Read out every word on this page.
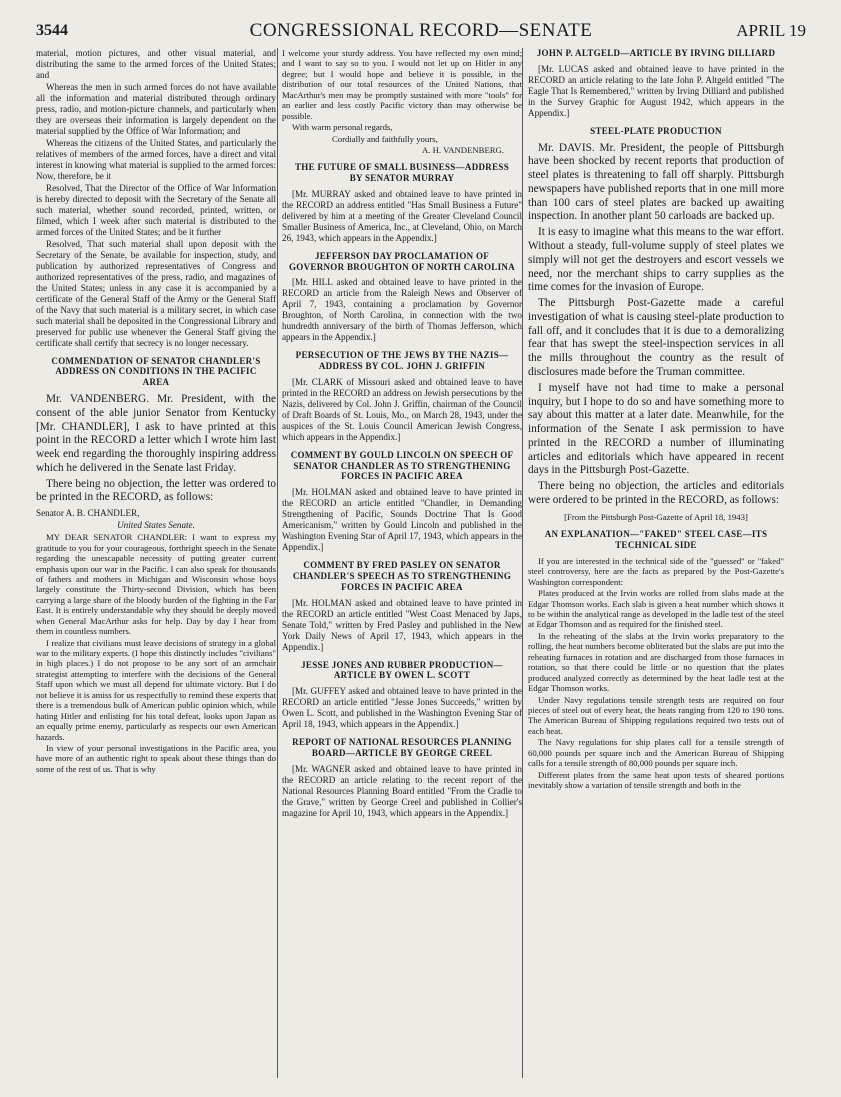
3544	CONGRESSIONAL RECORD—SENATE	APRIL 19

material, motion pictures, and other visual material, and distributing the same to the armed forces of the United States; and

Whereas the men in such armed forces do not have available all the information and material distributed through ordinary press, radio, and motion-picture channels, and particularly when they are overseas their information is largely dependent on the material supplied by the Office of War Information; and

Whereas the citizens of the United States, and particularly the relatives of members of the armed forces, have a direct and vital interest in knowing what material is supplied to the armed forces: Now, therefore, be it

Resolved, That the Director of the Office of War Information is hereby directed to deposit with the Secretary of the Senate all such material, whether sound recorded, printed, written, or filmed, which I week after such material is distributed to the armed forces of the United States; and be it further

Resolved, That such material shall upon deposit with the Secretary of the Senate, be available for inspection, study, and publication by authorized representatives of Congress and authorized representatives of the press, radio, and magazines of the United States; unless in any case it is accompanied by a certificate of the General Staff of the Army or the General Staff of the Navy that such material is a military secret, in which case such material shall be deposited in the Congressional Library and preserved for public use whenever the General Staff giving the certificate shall certify that secrecy is no longer necessary.

COMMENDATION OF SENATOR CHANDLER'S ADDRESS ON CONDITIONS IN THE PACIFIC AREA

Mr. VANDENBERG. Mr. President, with the consent of the able junior Senator from Kentucky [Mr. CHANDLER], I ask to have printed at this point in the RECORD a letter which I wrote him last week end regarding the thoroughly inspiring address which he delivered in the Senate last Friday.

There being no objection, the letter was ordered to be printed in the RECORD, as follows:

Senator A. B. CHANDLER,

United States Senate.

MY DEAR SENATOR CHANDLER: I want to express my gratitude to you for your courageous, forthright speech in the Senate regarding the unescapable necessity of putting greater current emphasis upon our war in the Pacific. I can also speak for thousands of fathers and mothers in Michigan and Wisconsin whose boys largely constitute the Thirty-second Division, which has been carrying a large share of the bloody burden of the fighting in the Far East. It is entirely understandable why they should be deeply moved when General MacArthur asks for help. Day by day I hear from them in countless numbers.

I realize that civilians must leave decisions of strategy in a global war to the military experts. (I hope this distinctly includes "civilians" in high places.) I do not propose to be any sort of an armchair strategist attempting to interfere with the decisions of the General Staff upon which we must all depend for ultimate victory. But I do not believe it is amiss for us respectfully to remind these experts that there is a tremendous bulk of American public opinion which, while hating Hitler and enlisting for his total defeat, looks upon Japan as an equally prime enemy, particularly as respects our own American hazards.

In view of your personal investigations in the Pacific area, you have more of an authentic right to speak about these things than do some of the rest of us. That is why

I welcome your sturdy address. You have reflected my own mind; and I want to say so to you. I would not let up on Hitler in any degree; but I would hope and believe it is possible, in the distribution of our total resources of the United Nations, that MacArthur's men may be promptly sustained with more "tools" for an earlier and less costly Pacific victory than may otherwise be possible.

With warm personal regards,

Cordially and faithfully yours,

A. H. VANDENBERG.

THE FUTURE OF SMALL BUSINESS—ADDRESS BY SENATOR MURRAY

[Mr. MURRAY asked and obtained leave to have printed in the RECORD an address entitled "Has Small Business a Future" delivered by him at a meeting of the Greater Cleveland Council Smaller Business of America, Inc., at Cleveland, Ohio, on March 26, 1943, which appears in the Appendix.]

JEFFERSON DAY PROCLAMATION OF GOVERNOR BROUGHTON OF NORTH CAROLINA

[Mr. HILL asked and obtained leave to have printed in the RECORD an article from the Raleigh News and Observer of April 7, 1943, containing a proclamation by Governor Broughton, of North Carolina, in connection with the two hundredth anniversary of the birth of Thomas Jefferson, which appears in the Appendix.]

PERSECUTION OF THE JEWS BY THE NAZIS—ADDRESS BY COL. JOHN J. GRIFFIN

[Mr. CLARK of Missouri asked and obtained leave to have printed in the RECORD an address on Jewish persecutions by the Nazis, delivered by Col. John J. Griffin, chairman of the Council of Draft Boards of St. Louis, Mo., on March 28, 1943, under the auspices of the St. Louis Council American Jewish Congress, which appears in the Appendix.]

COMMENT BY GOULD LINCOLN ON SPEECH OF SENATOR CHANDLER AS TO STRENGTHENING FORCES IN PACIFIC AREA

[Mr. HOLMAN asked and obtained leave to have printed in the RECORD an article entitled "Chandler, in Demanding Strengthening of Pacific, Sounds Doctrine That Is Good Americanism," written by Gould Lincoln and published in the Washington Evening Star of April 17, 1943, which appears in the Appendix.]

COMMENT BY FRED PASLEY ON SENATOR CHANDLER'S SPEECH AS TO STRENGTHENING FORCES IN PACIFIC AREA

[Mr. HOLMAN asked and obtained leave to have printed in the RECORD an article entitled "West Coast Menaced by Japs, Senate Told," written by Fred Pasley and published in the New York Daily News of April 17, 1943, which appears in the Appendix.]

JESSE JONES AND RUBBER PRODUCTION—ARTICLE BY OWEN L. SCOTT

[Mr. GUFFEY asked and obtained leave to have printed in the RECORD an article entitled "Jesse Jones Succeeds," written by Owen L. Scott, and published in the Washington Evening Star of April 18, 1943, which appears in the Appendix.]

REPORT OF NATIONAL RESOURCES PLANNING BOARD—ARTICLE BY GEORGE CREEL

[Mr. WAGNER asked and obtained leave to have printed in the RECORD an article relating to the recent report of the National Resources Planning Board entitled "From the Cradle to the Grave," written by George Creel and published in Collier's magazine for April 10, 1943, which appears in the Appendix.]

JOHN P. ALTGELD—ARTICLE BY IRVING DILLIARD

[Mr. LUCAS asked and obtained leave to have printed in the RECORD an article relating to the late John P. Altgeld entitled "The Eagle That Is Remembered," written by Irving Dilliard and published in the Survey Graphic for August 1942, which appears in the Appendix.]

STEEL-PLATE PRODUCTION

Mr. DAVIS. Mr. President, the people of Pittsburgh have been shocked by recent reports that production of steel plates is threatening to fall off sharply. Pittsburgh newspapers have published reports that in one mill more than 100 cars of steel plates are backed up awaiting inspection. In another plant 50 carloads are backed up.

It is easy to imagine what this means to the war effort. Without a steady, full-volume supply of steel plates we simply will not get the destroyers and escort vessels we need, nor the merchant ships to carry supplies as the time comes for the invasion of Europe.

The Pittsburgh Post-Gazette made a careful investigation of what is causing steel-plate production to fall off, and it concludes that it is due to a demoralizing fear that has swept the steel-inspection services in all the mills throughout the country as the result of disclosures made before the Truman committee.

I myself have not had time to make a personal inquiry, but I hope to do so and have something more to say about this matter at a later date. Meanwhile, for the information of the Senate I ask permission to have printed in the RECORD a number of illuminating articles and editorials which have appeared in recent days in the Pittsburgh Post-Gazette.

There being no objection, the articles and editorials were ordered to be printed in the RECORD, as follows:

[From the Pittsburgh Post-Gazette of April 18, 1943]

AN EXPLANATION—"FAKED" STEEL CASE—ITS TECHNICAL SIDE

If you are interested in the technical side of the "guessed" or "faked" steel controversy, here are the facts as prepared by the Post-Gazette's Washington correspondent:

Plates produced at the Irvin works are rolled from slabs made at the Edgar Thomson works. Each slab is given a heat number which shows it to be within the analytical range as developed in the ladle test of the steel at Edgar Thomson and as required for the finished steel.

In the reheating of the slabs at the Irvin works preparatory to the rolling, the heat numbers become obliterated but the slabs are put into the reheating furnaces in rotation and are discharged from those furnaces in rotation, so that there could be little or no question that the plates produced analyzed correctly as determined by the heat ladle test at the Edgar Thomson works.

Under Navy regulations tensile strength tests are required on four pieces of steel out of every heat, the heats ranging from 120 to 190 tons. The American Bureau of Shipping regulations required two tests out of each heat.

The Navy regulations for ship plates call for a tensile strength of 60,000 pounds per square inch and the American Bureau of Shipping calls for a tensile strength of 80,000 pounds per square inch.

Different plates from the same heat upon tests of sheared portions inevitably show a variation of tensile strength and both in the
